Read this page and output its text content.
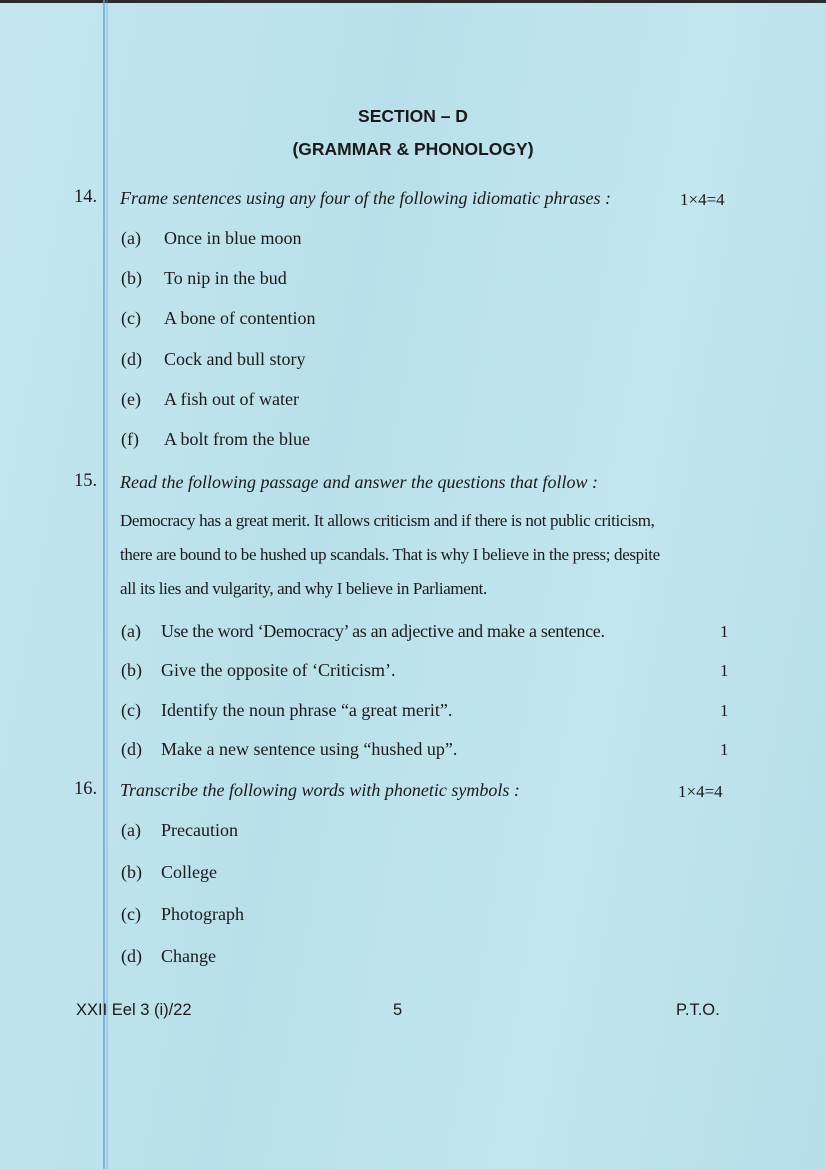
SECTION – D
(GRAMMAR & PHONOLOGY)
14. Frame sentences using any four of the following idiomatic phrases :	1×4=4
(a) Once in blue moon
(b) To nip in the bud
(c) A bone of contention
(d) Cock and bull story
(e) A fish out of water
(f) A bolt from the blue
15. Read the following passage and answer the questions that follow :
Democracy has a great merit. It allows criticism and if there is not public criticism,
there are bound to be hushed up scandals. That is why I believe in the press; despite
all its lies and vulgarity, and why I believe in Parliament.
(a) Use the word ‘Democracy’ as an adjective and make a sentence.	1
(b) Give the opposite of ‘Criticism’.	1
(c) Identify the noun phrase “a great merit”.	1
(d) Make a new sentence using “hushed up”.	1
16. Transcribe the following words with phonetic symbols :	1×4=4
(a) Precaution
(b) College
(c) Photograph
(d) Change
XXII Eel 3 (i)/22	5	P.T.O.
